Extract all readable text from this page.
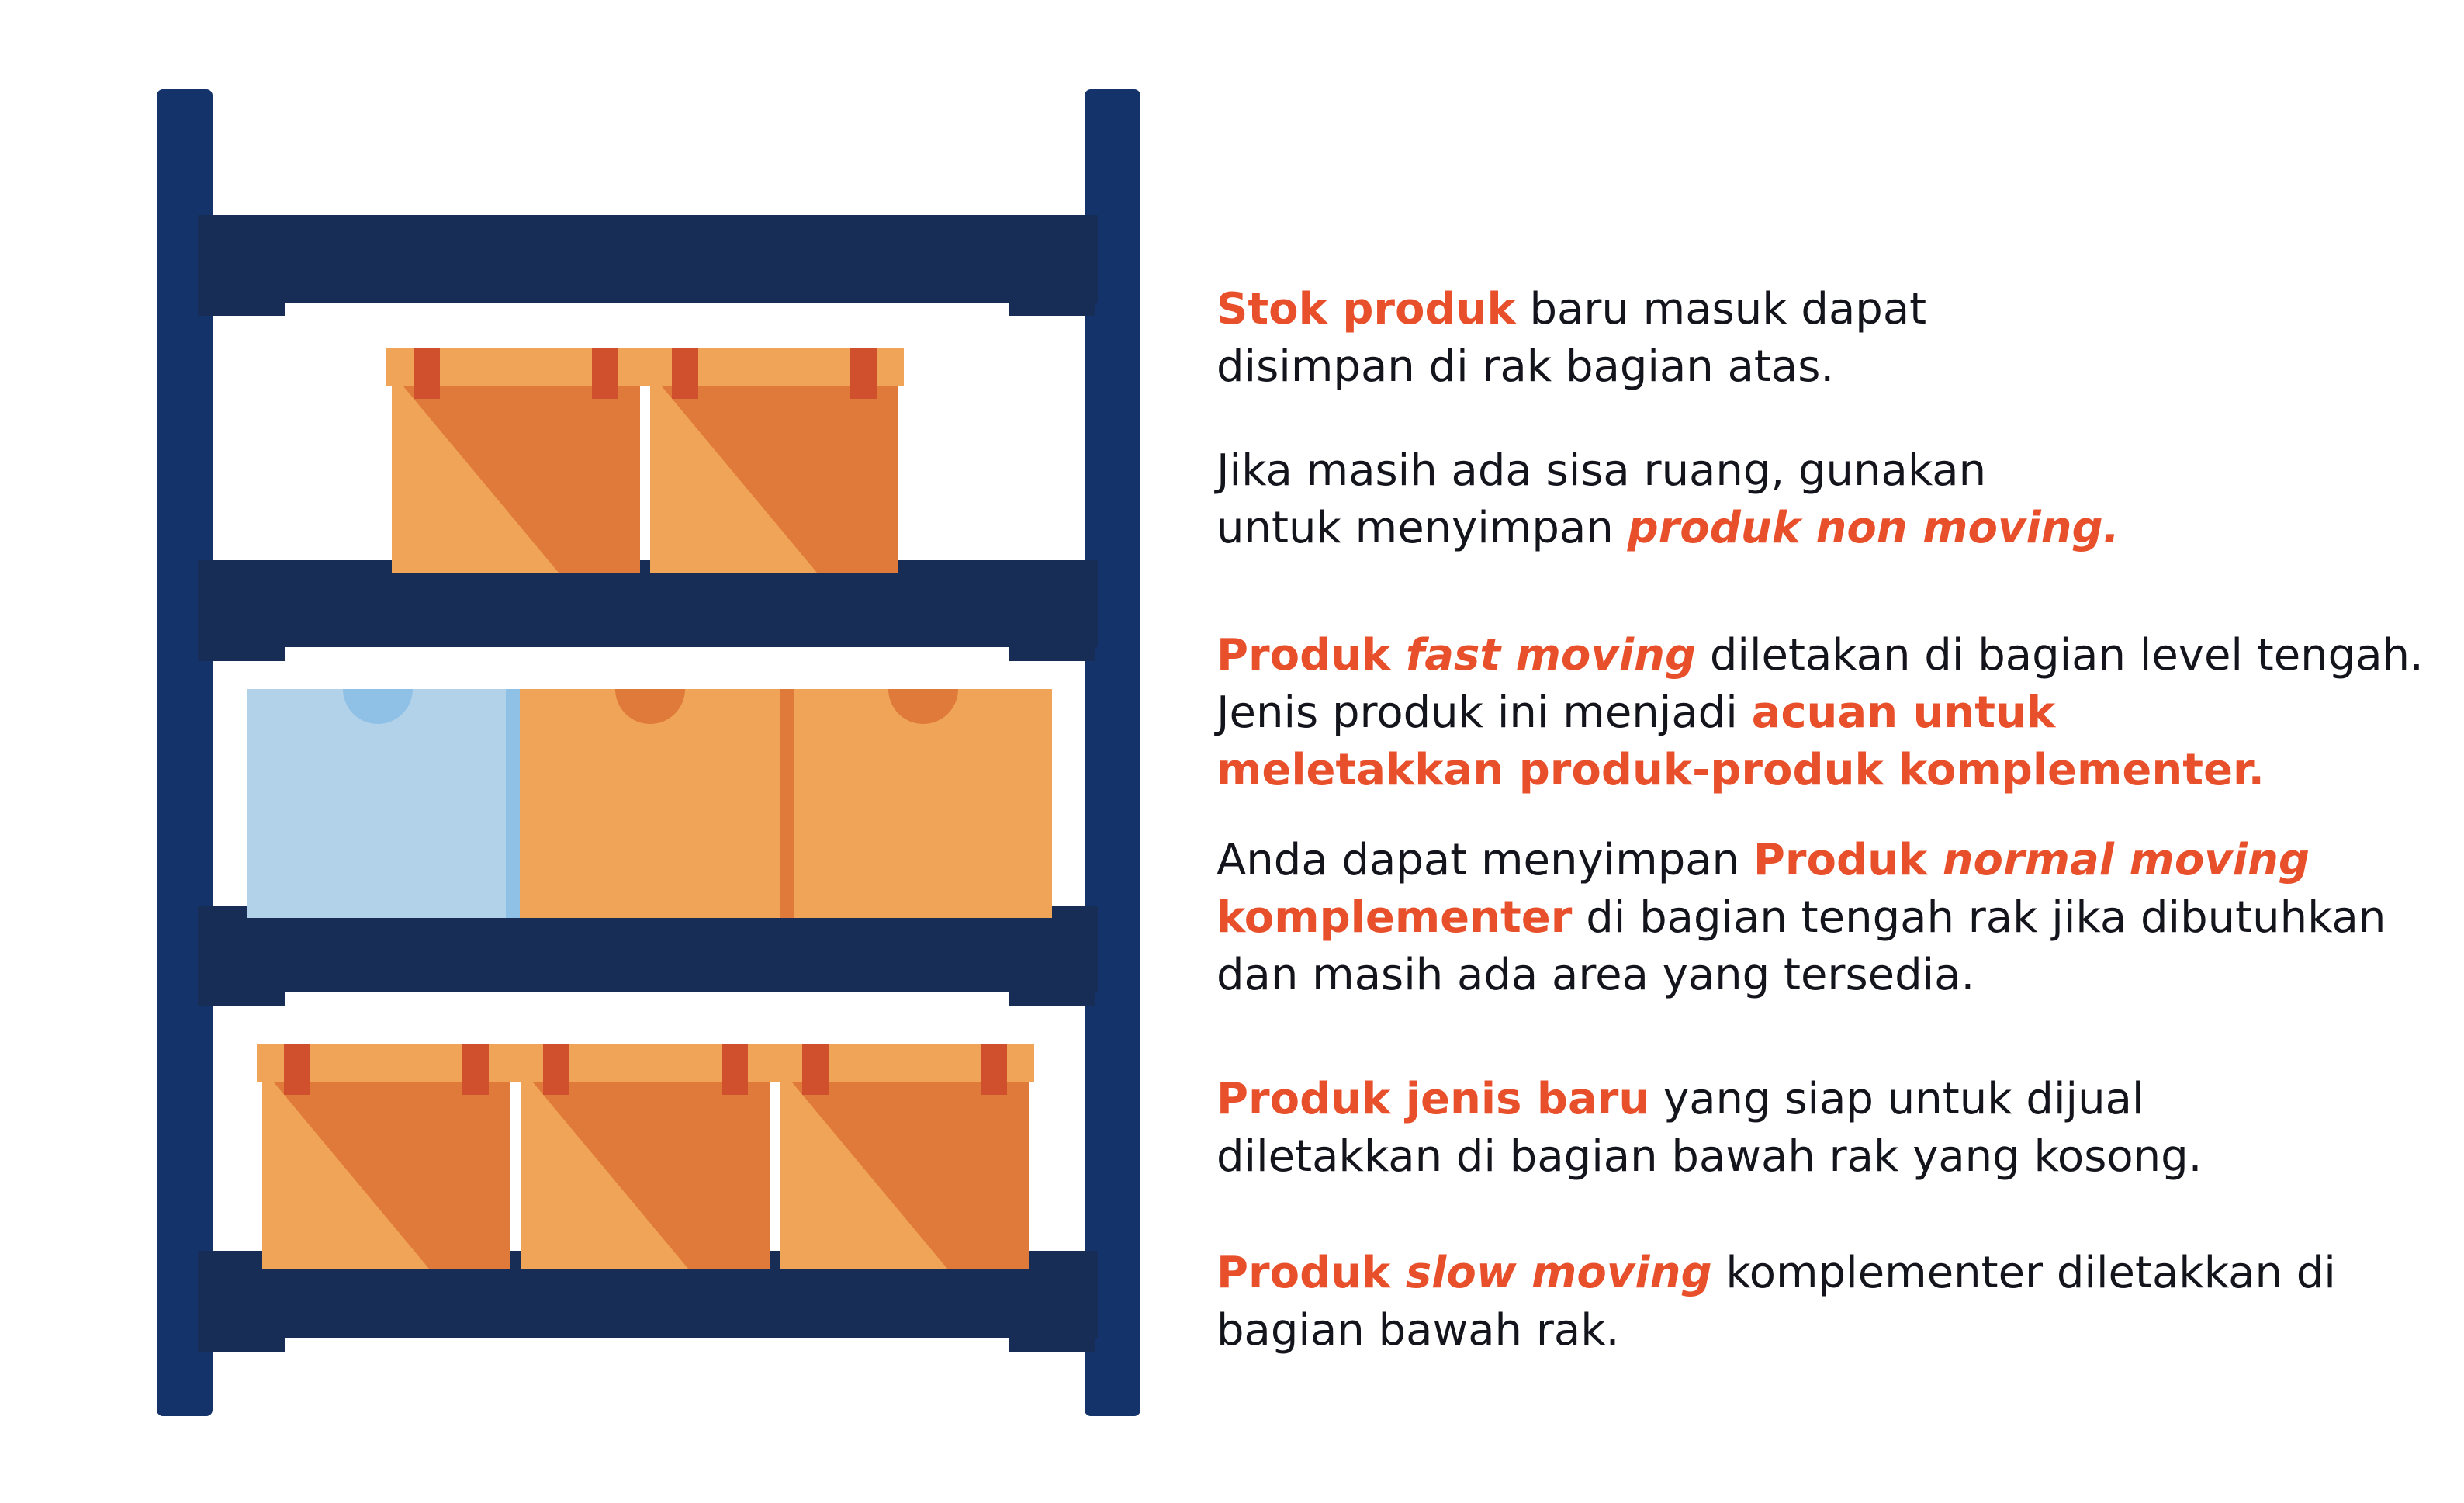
Stok produk baru masuk dapat
disimpan di rak bagian atas.

Jika masih ada sisa ruang, gunakan
untuk menyimpan produk non moving.

Produk fast moving diletakan di bagian level tengah.
Jenis produk ini menjadi acuan untuk
meletakkan produk-produk komplementer.

Anda dapat menyimpan Produk normal moving
komplementer di bagian tengah rak jika dibutuhkan
dan masih ada area yang tersedia.

Produk jenis baru yang siap untuk dijual
diletakkan di bagian bawah rak yang kosong.

Produk slow moving komplementer diletakkan di
bagian bawah rak.
